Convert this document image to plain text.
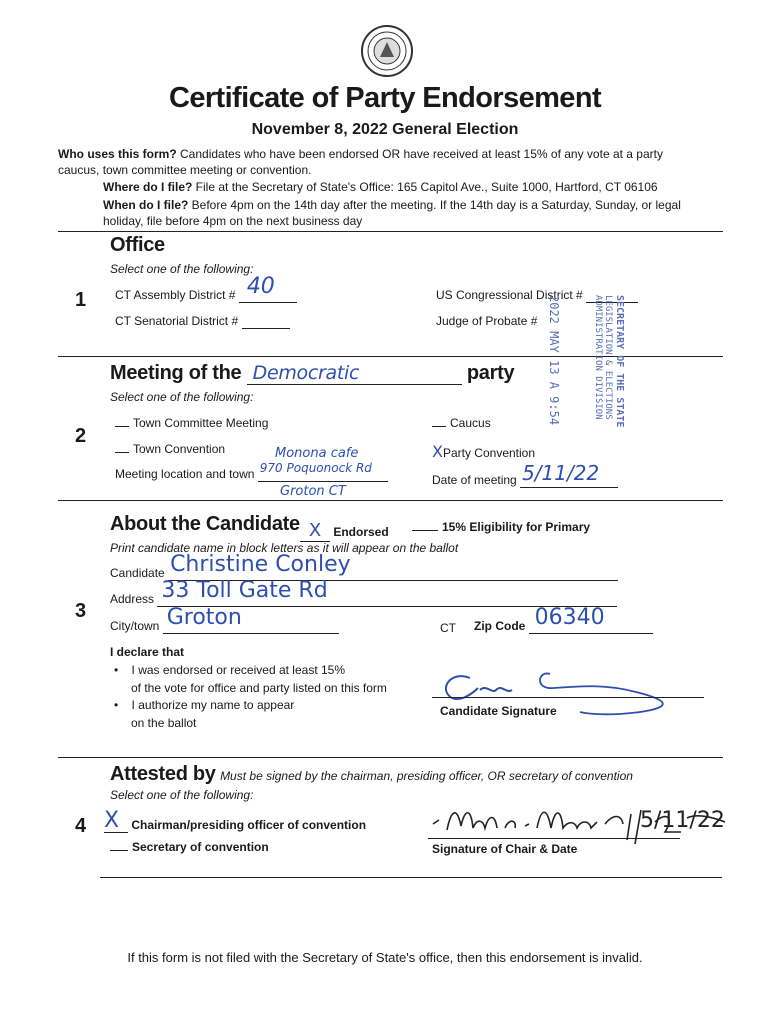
Certificate of Party Endorsement
November 8, 2022 General Election
Who uses this form? Candidates who have been endorsed OR have received at least 15% of any vote at a party caucus, town committee meeting or convention.
Where do I file? File at the Secretary of State's Office: 165 Capitol Ave., Suite 1000, Hartford, CT 06106
When do I file? Before 4pm on the 14th day after the meeting. If the 14th day is a Saturday, Sunday, or legal holiday, file before 4pm on the next business day
Office
Select one of the following:
1 CT Assembly District # 40

CT Senatorial District #
US Congressional District #
Judge of Probate # 2022 MAY 13 A 9:54	SECRETARY OF THE STATE
LEGISLATION & ELECTIONS
ADMINISTRATION DIVISION
Meeting of the Democratic	party
Select one of the following:
2
Town Committee Meeting
Town Convention
Caucus
XParty Convention
Monona cafe
Meeting location and town 970 Poquonock Rd

Groton CT
Date of meeting 5/11/22

About the Candidate X Endorsed	15% Eligibility for Primary
Print candidate name in block letters as it will appear on the ballot
3
Candidate Christine Conley

Address 33 Toll Gate Rd

City/town Groton
	CT Zip Code 06340

I declare that
•    I was endorsed or received at least 15%
of the vote for office and party listed on this form
•    I authorize my name to appear
on the ballot
Candidate Signature
Attested by Must be signed by the chairman, presiding officer, OR secretary of convention
Select one of the following:
4 X Chairman/presiding officer of convention
Secretary of convention
5/11/22
Signature of Chair & Date
If this form is not filed with the Secretary of State's office, then this endorsement is invalid.
